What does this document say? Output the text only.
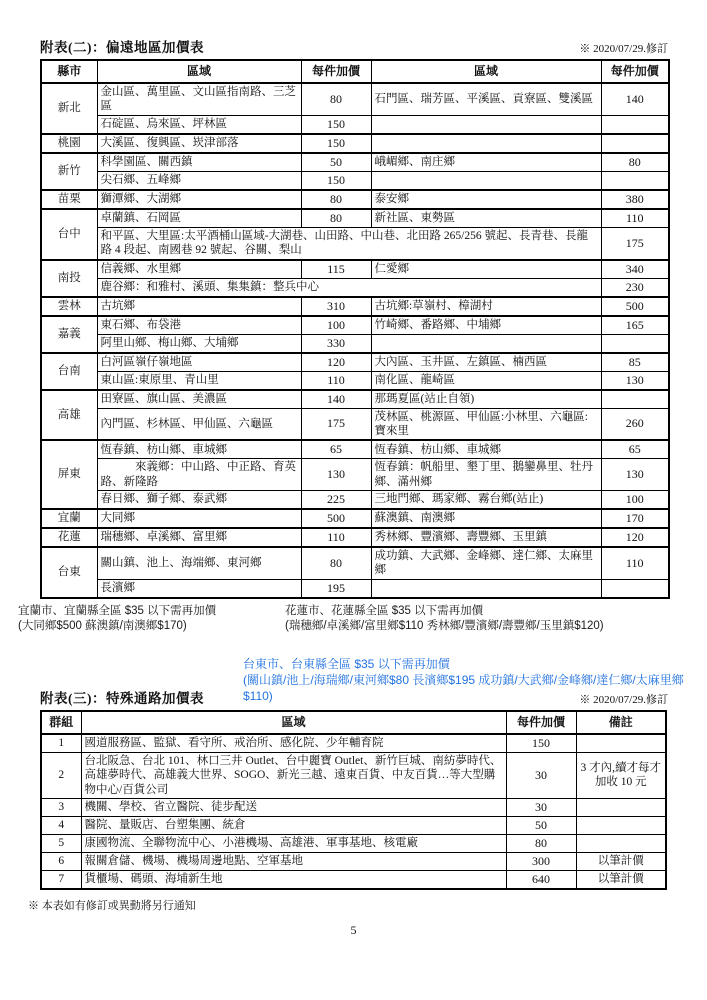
附表(二)：偏遠地區加價表	※ 2020/07/29.修訂
縣市	區域	每件加價	區域	每件加價
新北	金山區、萬里區、文山區指南路、三芝區	80	石門區、瑞芳區、平溪區、貢寮區、雙溪區	140
	石碇區、烏來區、坪林區	150		
桃園	大溪區、復興區、崁津部落	150		
新竹	科學園區、關西鎮	50	峨嵋鄉、南庄鄉	80
	尖石鄉、五峰鄉	150		
苗栗	獅潭鄉、大湖鄉	80	泰安鄉	380
台中	卓蘭鎮、石岡區	80	新社區、東勢區	110
	和平區、大里區:太平酒桶山區域-大湖巷、山田路、中山巷、北田路 265/256 號起、長青巷、長龍路 4 段起、南國巷 92 號起、谷關、梨山			175
南投	信義鄉、水里鄉	115	仁愛鄉	340
	鹿谷鄉：和雅村、溪頭、集集鎮：整兵中心			230
雲林	古坑鄉	310	古坑鄉:草嶺村、樟湖村	500
嘉義	東石鄉、布袋港	100	竹崎鄉、番路鄉、中埔鄉	165
	阿里山鄉、梅山鄉、大埔鄉	330		
台南	白河區嶺仔嶺地區	120	大內區、玉井區、左鎮區、楠西區	85
	東山區:東原里、青山里	110	南化區、龍崎區	130
高雄	田寮區、旗山區、美濃區	140	那瑪夏區(站止自領)	
	內門區、杉林區、甲仙區、六龜區	175	茂林區、桃源區、甲仙區:小林里、六龜區:寶來里	260
屏東	恆春鎮、枋山鄉、車城鄉	65	恆春鎮、枋山鄉、車城鄉	65
	　　　來義鄉：中山路、中正路、育英路、新隆路	130	恆春鎮：帆船里、墾丁里、鵝鑾鼻里、牡丹鄉、滿州鄉	130
	春日鄉、獅子鄉、泰武鄉	225	三地門鄉、瑪家鄉、霧台鄉(站止)	100
宜蘭	大同鄉	500	蘇澳鎮、南澳鄉	170
花蓮	瑞穗鄉、卓溪鄉、富里鄉	110	秀林鄉、豐濱鄉、壽豐鄉、玉里鎮	120
台東	關山鎮、池上、海端鄉、東河鄉	80	成功鎮、大武鄉、金峰鄉、達仁鄉、太麻里鄉	110
	長濱鄉	195		
宜蘭市、宜蘭縣全區 $35 以下需再加價
(大同鄉$500 蘇澳鎮/南澳鄉$170)
花蓮市、花蓮縣全區 $35 以下需再加價
(瑞穗鄉/卓溪鄉/富里鄉$110 秀林鄉/豐濱鄉/壽豐鄉/玉里鎮$120)
台東市、台東縣全區 $35 以下需再加價
(關山鎮/池上/海瑞鄉/東河鄉$80 長濱鄉$195 成功鎮/大武鄉/金峰鄉/達仁鄉/太麻里鄉$110)
附表(三)：特殊通路加價表	※ 2020/07/29.修訂
群組	區域	每件加價	備註
1	國道服務區、監獄、看守所、戒治所、感化院、少年輔育院	150	
2	台北阪急、台北 101、林口三井 Outlet、台中麗寶 Outlet、新竹巨城、南紡夢時代、高雄夢時代、高雄義大世界、SOGO、新光三越、遠東百貨、中友百貨…等大型購物中心/百貨公司	30	3 才內,續才每才加收 10 元
3	機關、學校、省立醫院、徒步配送	30	
4	醫院、量販店、台塑集團、統倉	50	
5	康國物流、全聯物流中心、小港機場、高雄港、軍事基地、核電廠	80	
6	報關倉儲、機場、機場周邊地點、空軍基地	300	以筆計價
7	貨櫃場、碼頭、海埔新生地	640	以筆計價
※ 本表如有修訂或異動將另行通知
5
